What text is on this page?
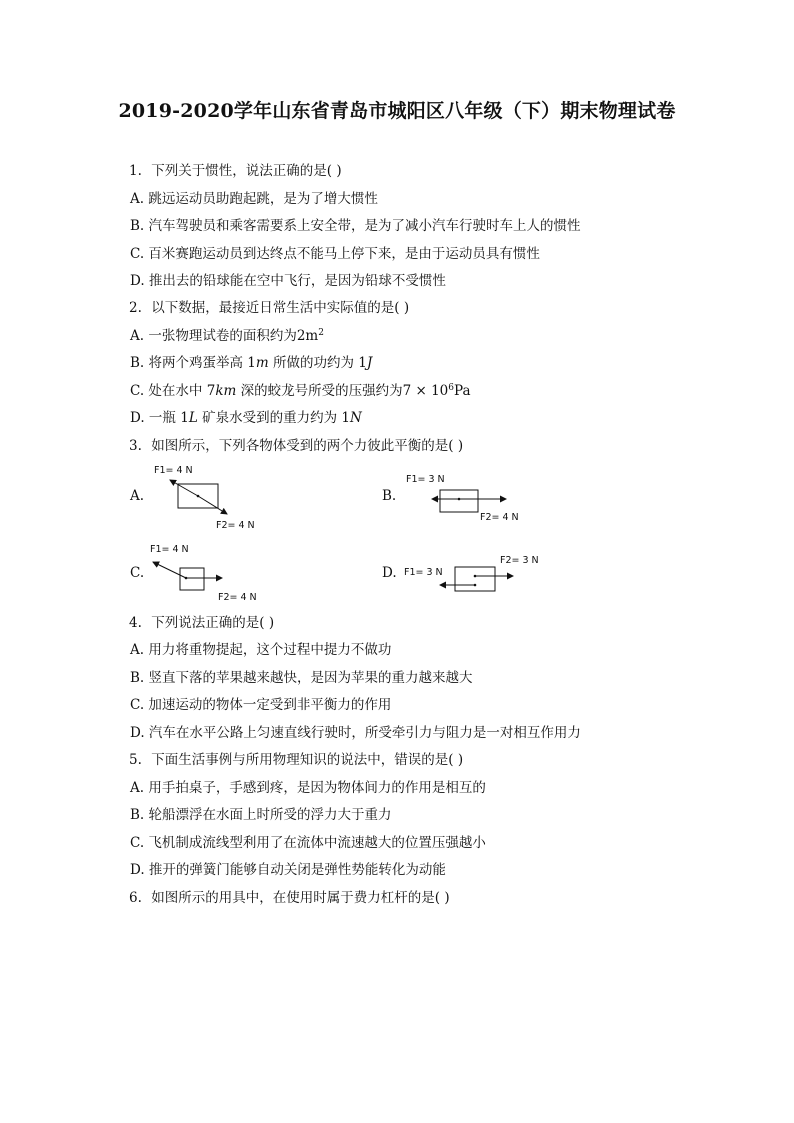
2019-2020学年山东省青岛市城阳区八年级（下）期末物理试卷
1. 下列关于惯性，说法正确的是( )
A. 跳远运动员助跑起跳，是为了增大惯性
B. 汽车驾驶员和乘客需要系上安全带，是为了减小汽车行驶时车上人的惯性
C. 百米赛跑运动员到达终点不能马上停下来，是由于运动员具有惯性
D. 推出去的铅球能在空中飞行，是因为铅球不受惯性
2. 以下数据，最接近日常生活中实际值的是( )
A. 一张物理试卷的面积约为$2m^2$
B. 将两个鸡蛋举高 1m 所做的功约为 1J
C. 处在水中 7km 深的蛟龙号所受的压强约为$7 \times 10^6Pa$
D. 一瓶 1L 矿泉水受到的重力约为 1N
3. 如图所示，下列各物体受到的两个力彼此平衡的是( )
A.
F1= 4 N
F2= 4 N
B.
F1= 3 N
F2= 4 N
C.
F1= 4 N
F2= 4 N
D. F1= 3 N
F2= 3 N
4. 下列说法正确的是( )
A. 用力将重物提起，这个过程中提力不做功
B. 竖直下落的苹果越来越快，是因为苹果的重力越来越大
C. 加速运动的物体一定受到非平衡力的作用
D. 汽车在水平公路上匀速直线行驶时，所受牵引力与阻力是一对相互作用力
5. 下面生活事例与所用物理知识的说法中，错误的是( )
A. 用手拍桌子，手感到疼，是因为物体间力的作用是相互的
B. 轮船漂浮在水面上时所受的浮力大于重力
C. 飞机制成流线型利用了在流体中流速越大的位置压强越小
D. 推开的弹簧门能够自动关闭是弹性势能转化为动能
6. 如图所示的用具中，在使用时属于费力杠杆的是( )
